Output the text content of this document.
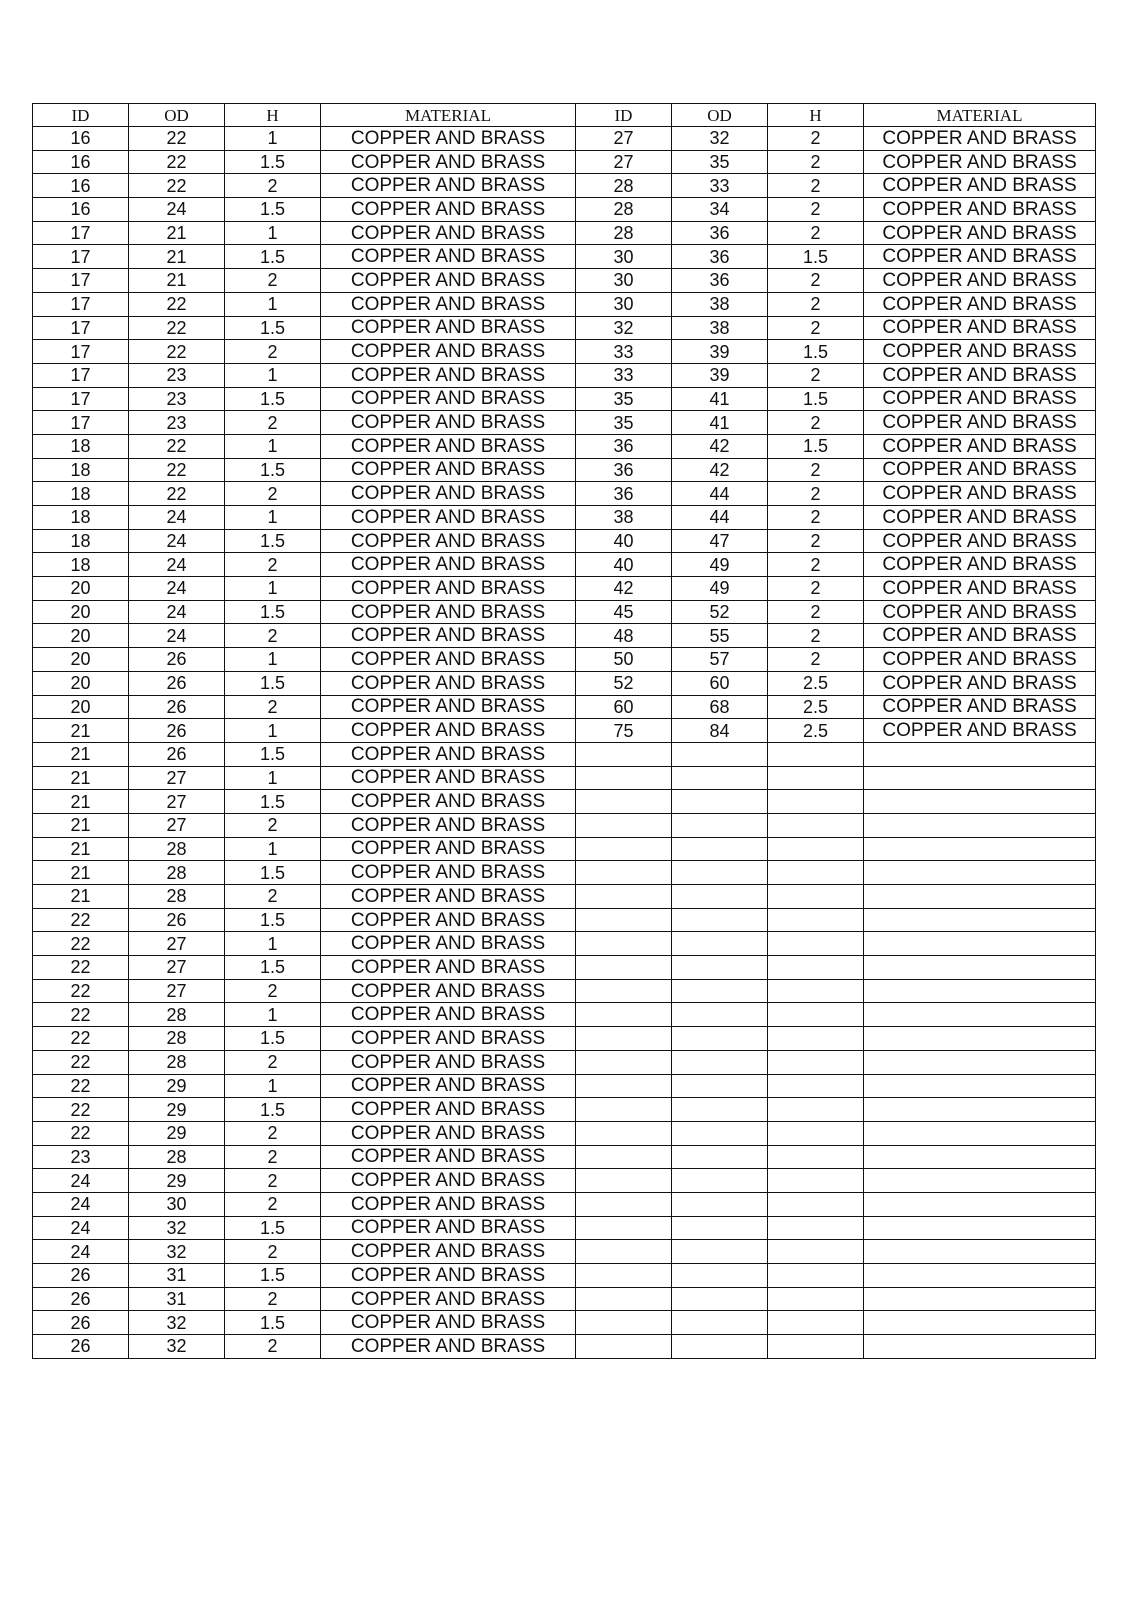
ID	OD	H	MATERIAL	ID	OD	H	MATERIAL
16	22	1	COPPER AND BRASS	27	32	2	COPPER AND BRASS
16	22	1.5	COPPER AND BRASS	27	35	2	COPPER AND BRASS
16	22	2	COPPER AND BRASS	28	33	2	COPPER AND BRASS
16	24	1.5	COPPER AND BRASS	28	34	2	COPPER AND BRASS
17	21	1	COPPER AND BRASS	28	36	2	COPPER AND BRASS
17	21	1.5	COPPER AND BRASS	30	36	1.5	COPPER AND BRASS
17	21	2	COPPER AND BRASS	30	36	2	COPPER AND BRASS
17	22	1	COPPER AND BRASS	30	38	2	COPPER AND BRASS
17	22	1.5	COPPER AND BRASS	32	38	2	COPPER AND BRASS
17	22	2	COPPER AND BRASS	33	39	1.5	COPPER AND BRASS
17	23	1	COPPER AND BRASS	33	39	2	COPPER AND BRASS
17	23	1.5	COPPER AND BRASS	35	41	1.5	COPPER AND BRASS
17	23	2	COPPER AND BRASS	35	41	2	COPPER AND BRASS
18	22	1	COPPER AND BRASS	36	42	1.5	COPPER AND BRASS
18	22	1.5	COPPER AND BRASS	36	42	2	COPPER AND BRASS
18	22	2	COPPER AND BRASS	36	44	2	COPPER AND BRASS
18	24	1	COPPER AND BRASS	38	44	2	COPPER AND BRASS
18	24	1.5	COPPER AND BRASS	40	47	2	COPPER AND BRASS
18	24	2	COPPER AND BRASS	40	49	2	COPPER AND BRASS
20	24	1	COPPER AND BRASS	42	49	2	COPPER AND BRASS
20	24	1.5	COPPER AND BRASS	45	52	2	COPPER AND BRASS
20	24	2	COPPER AND BRASS	48	55	2	COPPER AND BRASS
20	26	1	COPPER AND BRASS	50	57	2	COPPER AND BRASS
20	26	1.5	COPPER AND BRASS	52	60	2.5	COPPER AND BRASS
20	26	2	COPPER AND BRASS	60	68	2.5	COPPER AND BRASS
21	26	1	COPPER AND BRASS	75	84	2.5	COPPER AND BRASS
21	26	1.5	COPPER AND BRASS				
21	27	1	COPPER AND BRASS				
21	27	1.5	COPPER AND BRASS				
21	27	2	COPPER AND BRASS				
21	28	1	COPPER AND BRASS				
21	28	1.5	COPPER AND BRASS				
21	28	2	COPPER AND BRASS				
22	26	1.5	COPPER AND BRASS				
22	27	1	COPPER AND BRASS				
22	27	1.5	COPPER AND BRASS				
22	27	2	COPPER AND BRASS				
22	28	1	COPPER AND BRASS				
22	28	1.5	COPPER AND BRASS				
22	28	2	COPPER AND BRASS				
22	29	1	COPPER AND BRASS				
22	29	1.5	COPPER AND BRASS				
22	29	2	COPPER AND BRASS				
23	28	2	COPPER AND BRASS				
24	29	2	COPPER AND BRASS				
24	30	2	COPPER AND BRASS				
24	32	1.5	COPPER AND BRASS				
24	32	2	COPPER AND BRASS				
26	31	1.5	COPPER AND BRASS				
26	31	2	COPPER AND BRASS				
26	32	1.5	COPPER AND BRASS				
26	32	2	COPPER AND BRASS				
